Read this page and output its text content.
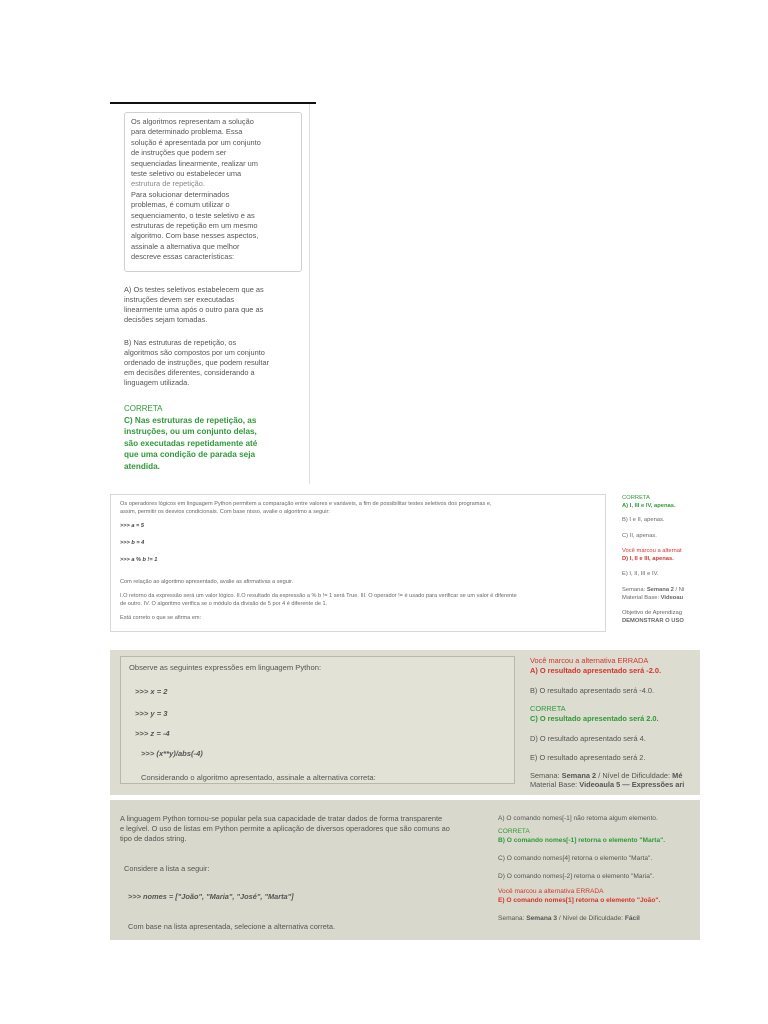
Os algoritmos representam a solução

para determinado problema. Essa

solução é apresentada por um conjunto

de instruções que podem ser

sequenciadas linearmente, realizar um

teste seletivo ou estabelecer uma

estrutura de repetição.

Para solucionar determinados

problemas, é comum utilizar o

sequenciamento, o teste seletivo e as

estruturas de repetição em um mesmo

algoritmo. Com base nesses aspectos,

assinale a alternativa que melhor

descreve essas características:

A) Os testes seletivos estabelecem que as

instruções devem ser executadas

linearmente uma após o outro para que as

decisões sejam tomadas.

B) Nas estruturas de repetição, os

algoritmos são compostos por um conjunto

ordenado de instruções, que podem resultar

em decisões diferentes, considerando a

linguagem utilizada.

CORRETA

C) Nas estruturas de repetição, as
instruções, ou um conjunto delas,
são executadas repetidamente até
que uma condição de parada seja
atendida.

Os operadores lógicos em linguagem Python permitem a comparação entre valores e variáveis, a fim de possibilitar testes seletivos dos programas e,

assim, permitir os desvios condicionais. Com base nisso, avalie o algoritmo a seguir:

>>> a = 5

>>> b = 4

>>> a % b != 1

Com relação ao algoritmo apresentado, avalie as afirmativas a seguir.

I.O retorno da expressão será um valor lógico. II.O resultado da expressão a % b != 1 será True. III. O operador != é usado para verificar se um valor é diferente

de outro. IV. O algoritmo verifica se o módulo da divisão de 5 por 4 é diferente de 1.

Está correto o que se afirma em:

CORRETA

A) I, III e IV, apenas.

B) I e II, apenas.

C) II, apenas.

Você marcou a alternat

D) I, II e III, apenas.

E) I, II, III e IV.

Semana: Semana 2 / Ní

Material Base: Videoau

Objetivo de Aprendizag

DEMONSTRAR O USO

Observe as seguintes expressões em linguagem Python:

>>> x = 2

>>> y = 3

>>> z = -4

>>> (x**y)/abs(-4)

Considerando o algoritmo apresentado, assinale a alternativa correta:

Você marcou a alternativa ERRADA

A) O resultado apresentado será -2.0.

B) O resultado apresentado será -4.0.

CORRETA

C) O resultado apresentado será 2.0.

D) O resultado apresentado será 4.

E) O resultado apresentado será 2.

Semana: Semana 2 / Nível de Dificuldade: Mé

Material Base: Videoaula 5 — Expressões ari

A linguagem Python tornou-se popular pela sua capacidade de tratar dados de forma transparente

e legível. O uso de listas em Python permite a aplicação de diversos operadores que são comuns ao

tipo de dados string.

Considere a lista a seguir:

>>> nomes = ["João", "Maria", "José", "Marta"]

Com base na lista apresentada, selecione a alternativa correta.

A) O comando nomes[-1] não retorna algum elemento.

CORRETA

B) O comando nomes[-1] retorna o elemento "Marta".

C) O comando nomes[4] retorna o elemento "Marta".

D) O comando nomes[-2] retorna o elemento "Maria".

Você marcou a alternativa ERRADA

E) O comando nomes[1] retorna o elemento "João".

Semana: Semana 3 / Nível de Dificuldade: Fácil
